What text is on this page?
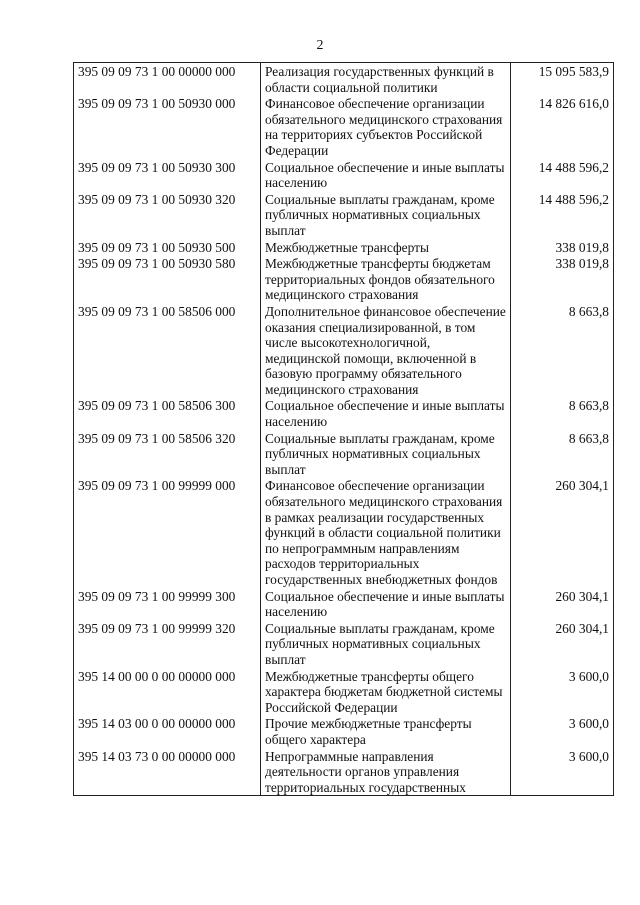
2
395 09 09 73 1 00 00000 000	Реализация государственных функций в области социальной политики	15 095 583,9
395 09 09 73 1 00 50930 000	Финансовое обеспечение организации обязательного медицинского страхования на территориях субъектов Российской Федерации	14 826 616,0
395 09 09 73 1 00 50930 300	Социальное обеспечение и иные выплаты населению	14 488 596,2
395 09 09 73 1 00 50930 320	Социальные выплаты гражданам, кроме публичных нормативных социальных выплат	14 488 596,2
395 09 09 73 1 00 50930 500	Межбюджетные трансферты	338 019,8
395 09 09 73 1 00 50930 580	Межбюджетные трансферты бюджетам территориальных фондов обязательного медицинского страхования	338 019,8
395 09 09 73 1 00 58506 000	Дополнительное финансовое обеспечение оказания специализированной, в том числе высокотехнологичной, медицинской помощи, включенной в базовую программу обязательного медицинского страхования	8 663,8
395 09 09 73 1 00 58506 300	Социальное обеспечение и иные выплаты населению	8 663,8
395 09 09 73 1 00 58506 320	Социальные выплаты гражданам, кроме публичных нормативных социальных выплат	8 663,8
395 09 09 73 1 00 99999 000	Финансовое обеспечение организации обязательного медицинского страхования в рамках реализации государственных функций в области социальной политики по непрограммным направлениям расходов территориальных государственных внебюджетных фондов	260 304,1
395 09 09 73 1 00 99999 300	Социальное обеспечение и иные выплаты населению	260 304,1
395 09 09 73 1 00 99999 320	Социальные выплаты гражданам, кроме публичных нормативных социальных выплат	260 304,1
395 14 00 00 0 00 00000 000	Межбюджетные трансферты общего характера бюджетам бюджетной системы Российской Федерации	3 600,0
395 14 03 00 0 00 00000 000	Прочие межбюджетные трансферты общего характера	3 600,0
395 14 03 73 0 00 00000 000	Непрограммные направления деятельности органов управления территориальных государственных	3 600,0
